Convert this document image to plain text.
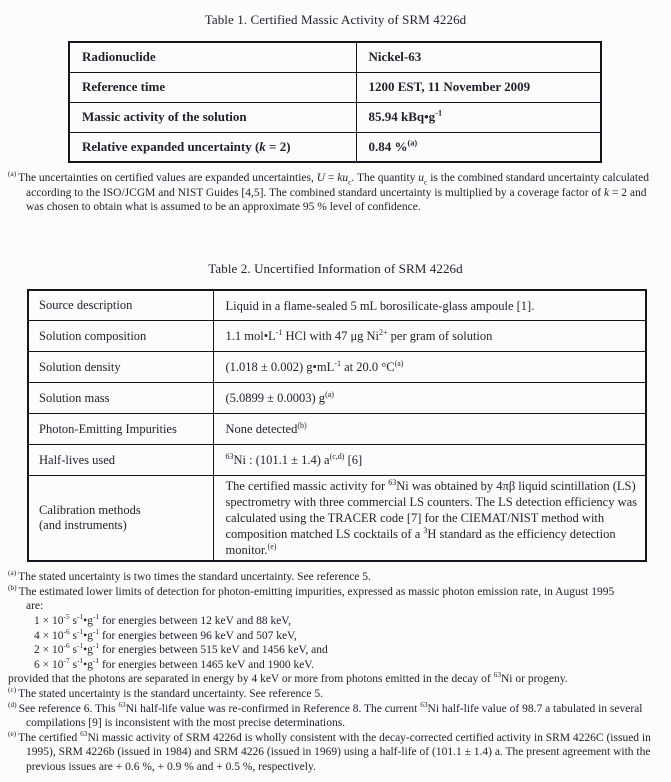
Table 1. Certified Massic Activity of SRM 4226d
Radionuclide	Nickel-63
Reference time	1200 EST, 11 November 2009
Massic activity of the solution	85.94 $kBq•g^{-1}$
Relative expanded uncertainty (k = 2)	0.84 %$^{(a)}$
$^{(a)}$ The uncertainties on certified values are expanded uncertainties, $U = ku_c$. The quantity $u_c$ is the combined standard uncertainty calculated according to the ISO/JCGM and NIST Guides [4,5]. The combined standard uncertainty is multiplied by a coverage factor of k = 2 and was chosen to obtain what is assumed to be an approximate 95 % level of confidence.
Table 2. Uncertified Information of SRM 4226d
Source description	Liquid in a flame-sealed 5 mL borosilicate-glass ampoule [1].
Solution composition	1.1 $mol•L^{-1}$ HCl with 47 μg $Ni^{2+}$ per gram of solution
Solution density	(1.018 ± 0.002) $g•mL^{-1}$ at 20.0 $^\circ C^{(a)}$
Solution mass	(5.0899 ± 0.0003) $g^{(a)}$
Photon-Emitting Impurities	None detected$^{(b)}$
Half-lives used	$^{63}$Ni : (101.1 ± 1.4) $a^{(c,d)}$ [6]
Calibration methods
(and instruments)	The certified massic activity for $^{63}$Ni was obtained by 4πβ liquid scintillation (LS) spectrometry with three commercial LS counters. The LS detection efficiency was calculated using the TRACER code [7] for the CIEMAT/NIST method with composition matched LS cocktails of a $^3$H standard as the efficiency detection monitor.$^{(e)}$
$^{(a)}$ The stated uncertainty is two times the standard uncertainty. See reference 5.
$^{(b)}$ The estimated lower limits of detection for photon-emitting impurities, expressed as massic photon emission rate, in August 1995
are:
$1 \times 10^{-5}$ $s^{-1}•g^{-1}$ for energies between 12 keV and 88 keV,
$4 \times 10^{-6}$ $s^{-1}•g^{-1}$ for energies between 96 keV and 507 keV,
$2 \times 10^{-6}$ $s^{-1}•g^{-1}$ for energies between 515 keV and 1456 keV, and
$6 \times 10^{-7}$ $s^{-1}•g^{-1}$ for energies between 1465 keV and 1900 keV.
provided that the photons are separated in energy by 4 keV or more from photons emitted in the decay of $^{63}$Ni or progeny.
$^{(c)}$ The stated uncertainty is the standard uncertainty. See reference 5.
$^{(d)}$ See reference 6. This $^{63}$Ni half-life value was re-confirmed in Reference 8. The current $^{63}$Ni half-life value of 98.7 a tabulated in several compilations [9] is inconsistent with the most precise determinations.
$^{(e)}$ The certified $^{63}$Ni massic activity of SRM 4226d is wholly consistent with the decay-corrected certified activity in SRM 4226C (issued in 1995), SRM 4226b (issued in 1984) and SRM 4226 (issued in 1969) using a half-life of (101.1 ± 1.4) a. The present agreement with the previous issues are + 0.6 %, + 0.9 % and + 0.5 %, respectively.
